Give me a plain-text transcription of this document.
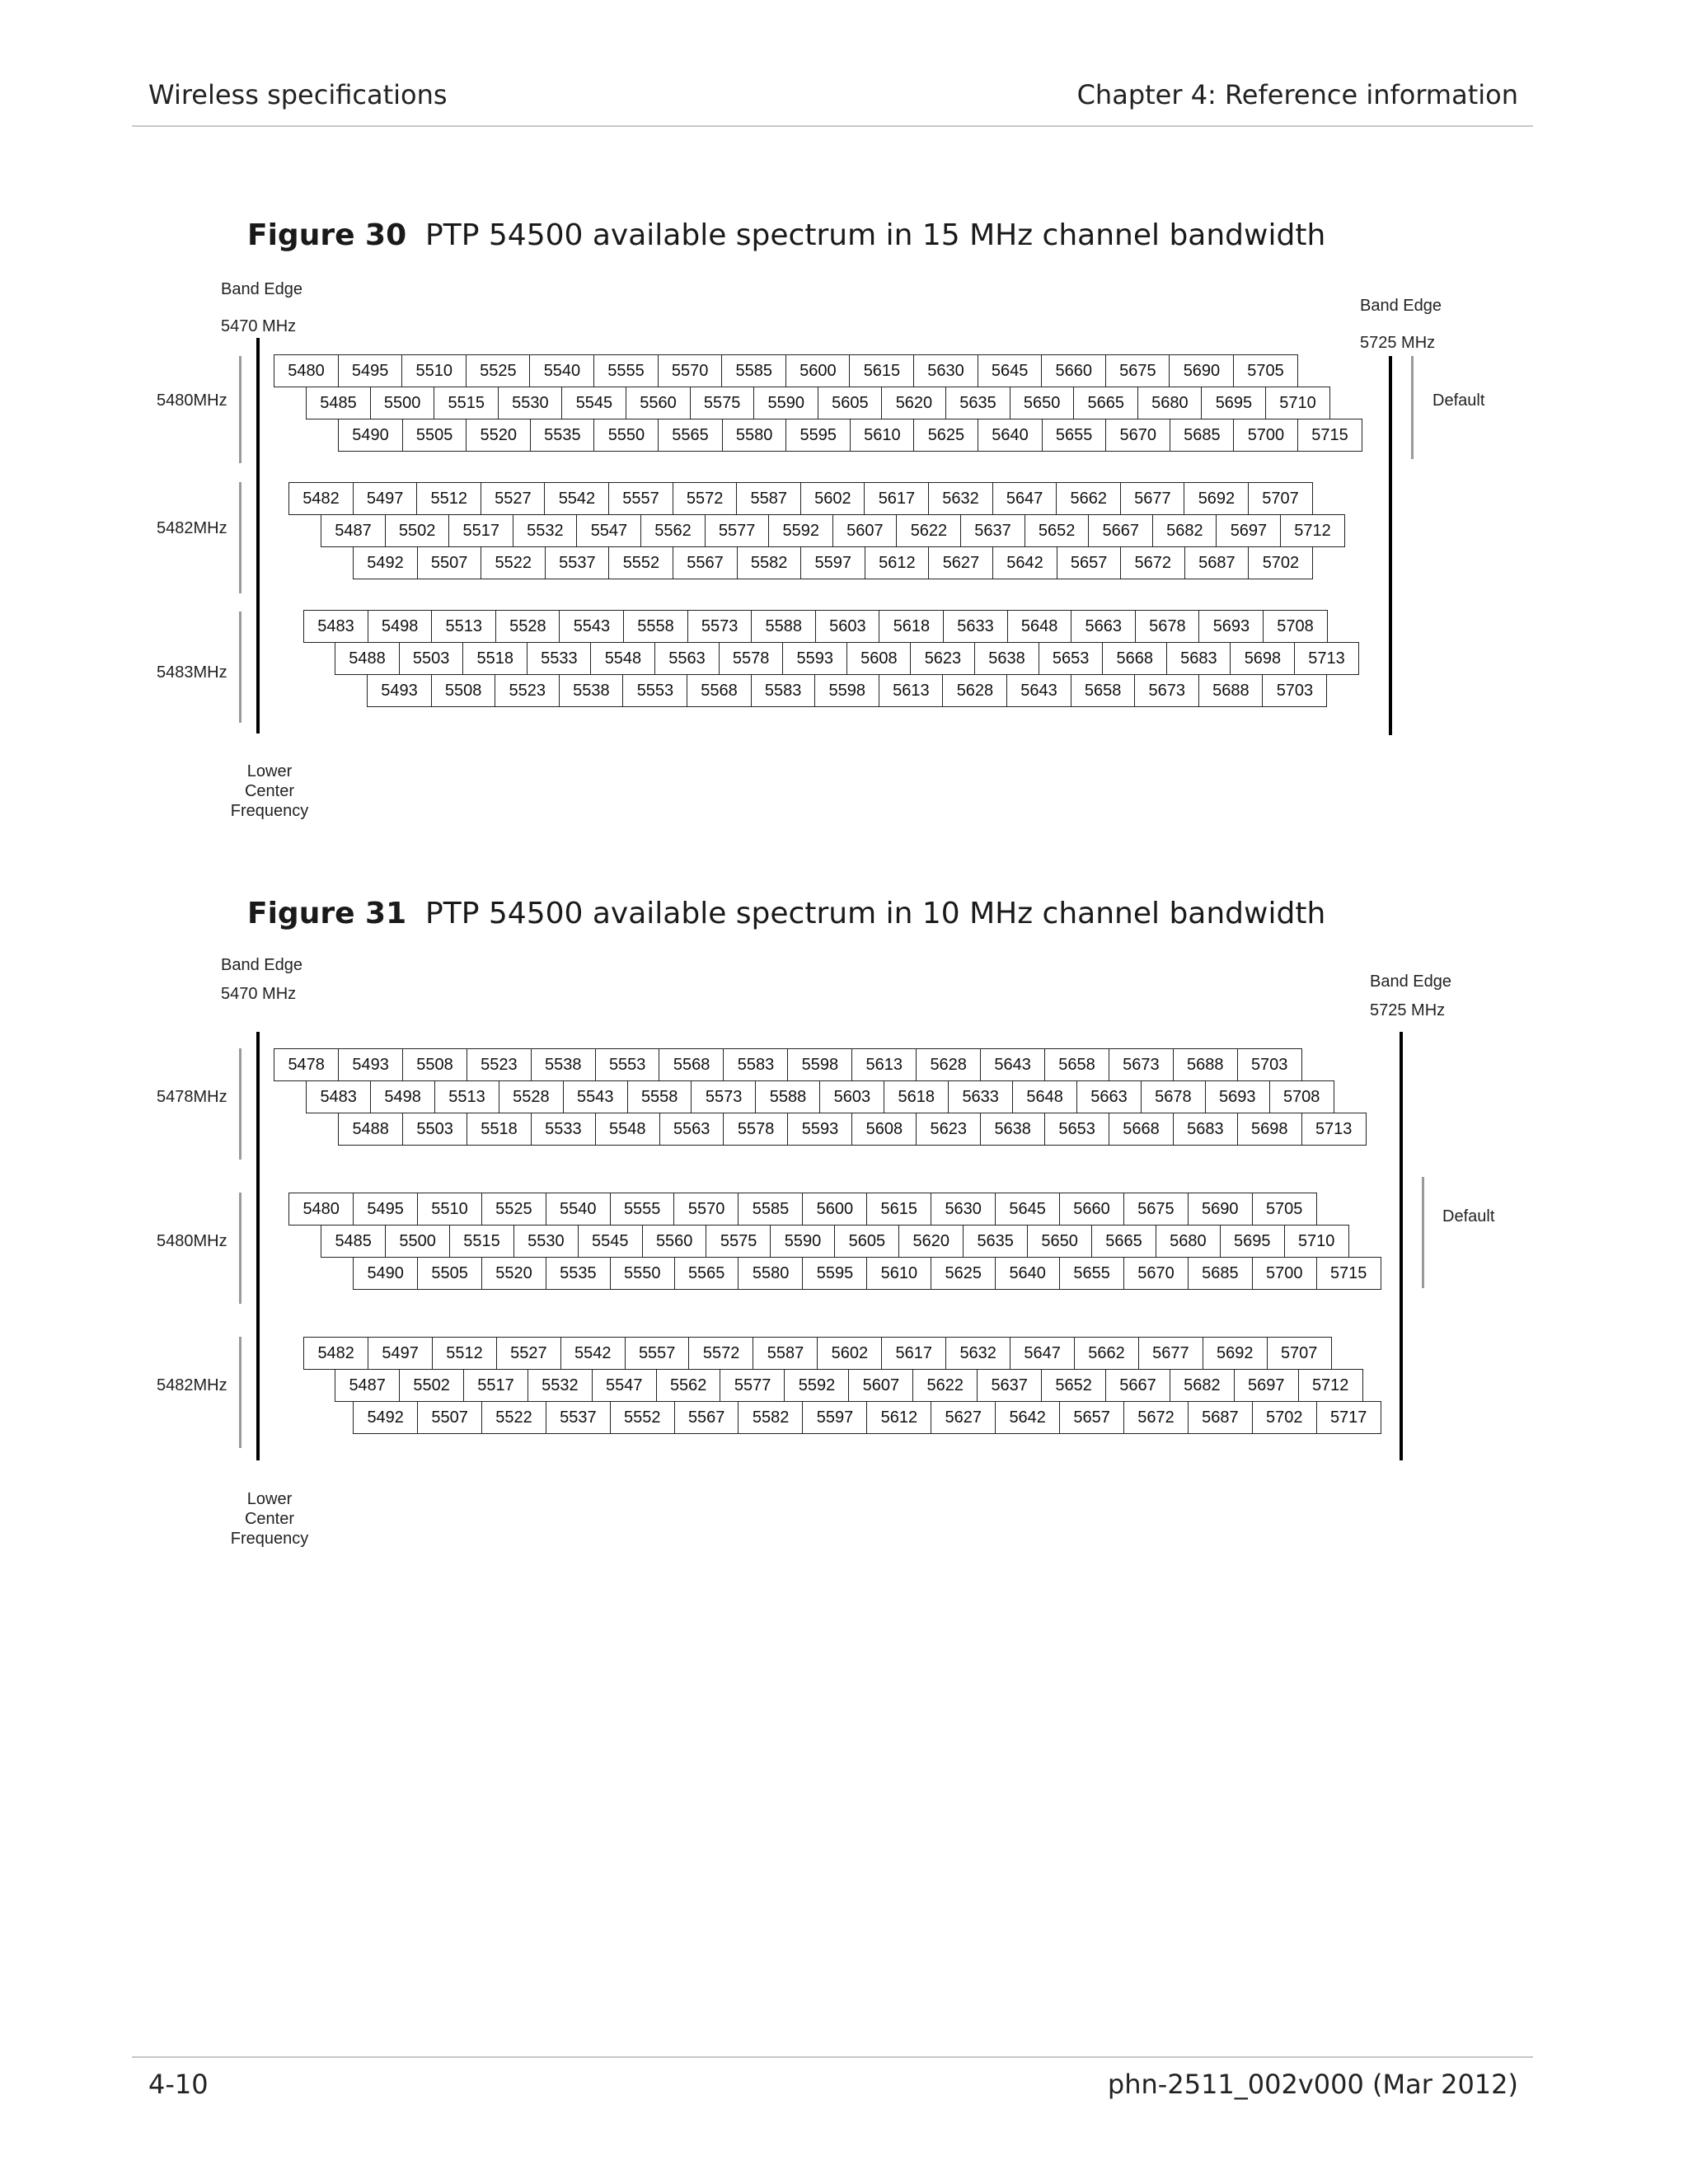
Wireless specifications	Chapter 4: Reference information
Figure 30 PTP 54500 available spectrum in 15 MHz channel bandwidth
Band Edge
5470 MHz
Band Edge
5725 MHz
Lower
Center
Frequency
Default
5480MHz
5480	5495	5510	5525	5540	5555	5570	5585	5600	5615	5630	5645	5660	5675	5690	5705
5485	5500	5515	5530	5545	5560	5575	5590	5605	5620	5635	5650	5665	5680	5695	5710
5490	5505	5520	5535	5550	5565	5580	5595	5610	5625	5640	5655	5670	5685	5700	5715
5482MHz
5482	5497	5512	5527	5542	5557	5572	5587	5602	5617	5632	5647	5662	5677	5692	5707
5487	5502	5517	5532	5547	5562	5577	5592	5607	5622	5637	5652	5667	5682	5697	5712
5492	5507	5522	5537	5552	5567	5582	5597	5612	5627	5642	5657	5672	5687	5702
5483MHz
5483	5498	5513	5528	5543	5558	5573	5588	5603	5618	5633	5648	5663	5678	5693	5708
5488	5503	5518	5533	5548	5563	5578	5593	5608	5623	5638	5653	5668	5683	5698	5713
5493	5508	5523	5538	5553	5568	5583	5598	5613	5628	5643	5658	5673	5688	5703
Figure 31 PTP 54500 available spectrum in 10 MHz channel bandwidth
Band Edge
5470 MHz
Band Edge
5725 MHz
Lower
Center
Frequency
Default
5478MHz
5478	5493	5508	5523	5538	5553	5568	5583	5598	5613	5628	5643	5658	5673	5688	5703
5483	5498	5513	5528	5543	5558	5573	5588	5603	5618	5633	5648	5663	5678	5693	5708
5488	5503	5518	5533	5548	5563	5578	5593	5608	5623	5638	5653	5668	5683	5698	5713
5480MHz
5480	5495	5510	5525	5540	5555	5570	5585	5600	5615	5630	5645	5660	5675	5690	5705
5485	5500	5515	5530	5545	5560	5575	5590	5605	5620	5635	5650	5665	5680	5695	5710
5490	5505	5520	5535	5550	5565	5580	5595	5610	5625	5640	5655	5670	5685	5700	5715
5482MHz
5482	5497	5512	5527	5542	5557	5572	5587	5602	5617	5632	5647	5662	5677	5692	5707
5487	5502	5517	5532	5547	5562	5577	5592	5607	5622	5637	5652	5667	5682	5697	5712
5492	5507	5522	5537	5552	5567	5582	5597	5612	5627	5642	5657	5672	5687	5702	5717
4-10	phn-2511_002v000 (Mar 2012)
